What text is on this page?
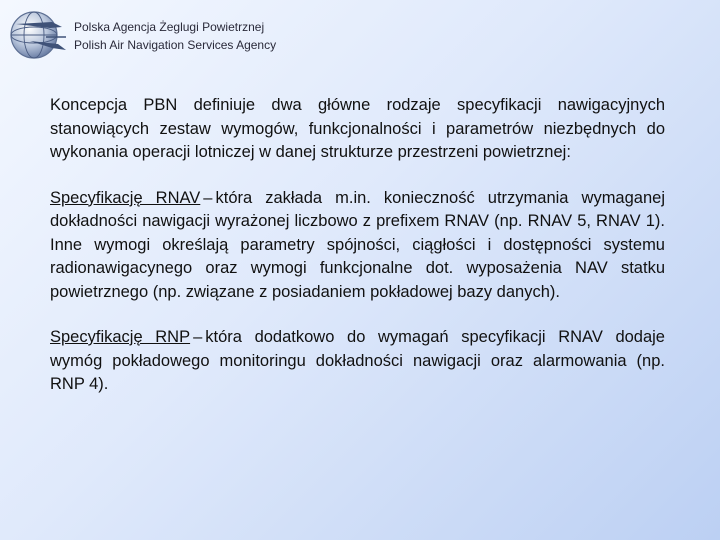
Polska Agencja Żeglugi Powietrznej
Polish Air Navigation Services Agency

Koncepcja PBN definiuje dwa główne rodzaje specyfikacji nawigacyjnych stanowiących zestaw wymogów, funkcjonalności i parametrów niezbędnych do wykonania operacji lotniczej w danej strukturze przestrzeni powietrznej:

Specyfikację RNAV – która zakłada m.in. konieczność utrzymania wymaganej dokładności nawigacji wyrażonej liczbowo z prefixem RNAV (np. RNAV 5, RNAV 1). Inne wymogi określają parametry spójności, ciągłości i dostępności systemu radionawigacynego oraz wymogi funkcjonalne dot. wyposażenia NAV statku powietrznego (np. związane z posiadaniem pokładowej bazy danych).

Specyfikację RNP – która dodatkowo do wymagań specyfikacji RNAV dodaje wymóg pokładowego monitoringu dokładności nawigacji oraz alarmowania (np. RNP 4).
